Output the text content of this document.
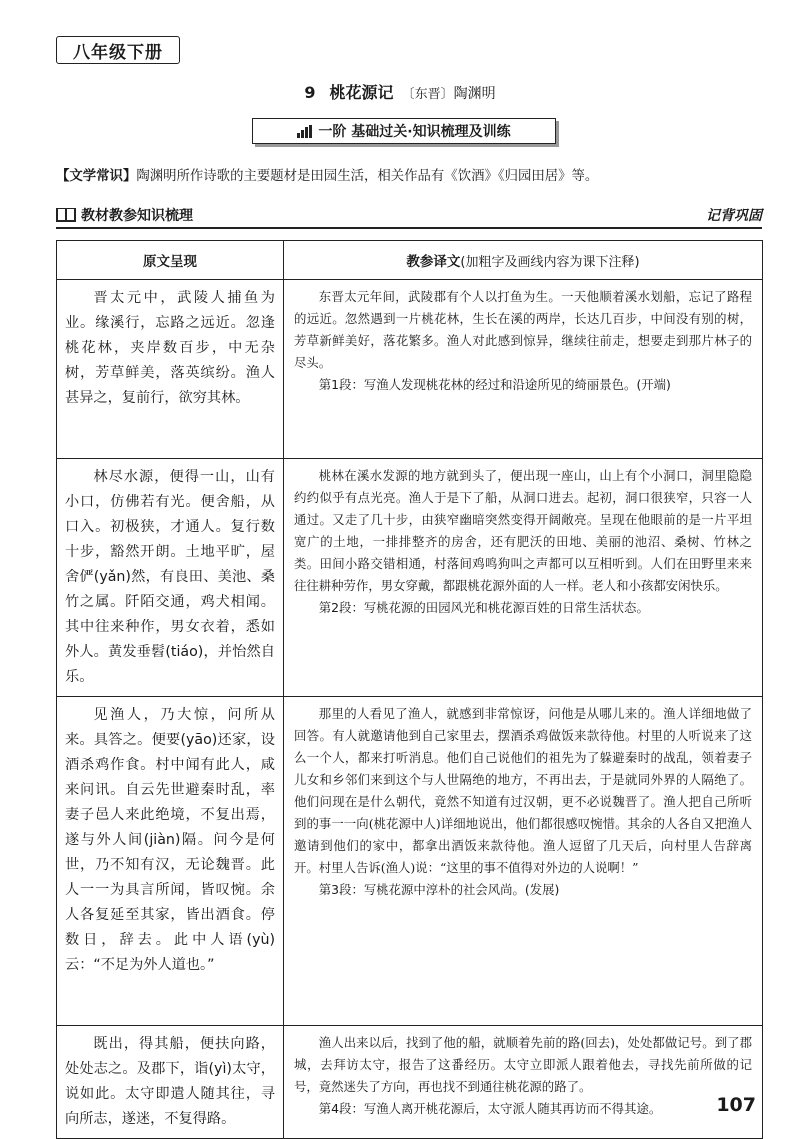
八年级下册
9 桃花源记 〔东晋〕陶渊明
一阶 基础过关·知识梳理及训练
【文学常识】陶渊明所作诗歌的主要题材是田园生活，相关作品有《饮酒》《归园田居》等。
教材教参知识梳理	记背巩固
原文呈现	教参译文(加粗字及画线内容为课下注释)

晋太元中，武陵人捕鱼为业。缘溪行，忘路之远近。忽逢桃花林，夹岸数百步，中无杂树，芳草鲜美，落英缤纷。渔人甚异之，复前行，欲穷其林。	东晋太元年间，武陵郡有个人以打鱼为生。一天他顺着溪水划船，忘记了路程的远近。忽然遇到一片桃花林，生长在溪的两岸，长达几百步，中间没有别的树，芳草新鲜美好，落花繁多。渔人对此感到惊异，继续往前走，想要走到那片林子的尽头。

第1段：写渔人发现桃花林的经过和沿途所见的绮丽景色。(开端)

林尽水源，便得一山，山有小口，仿佛若有光。便舍船，从口入。初极狭，才通人。复行数十步，豁然开朗。土地平旷，屋舍俨(yǎn)然，有良田、美池、桑竹之属。阡陌交通，鸡犬相闻。其中往来种作，男女衣着，悉如外人。黄发垂髫(tiáo)，并怡然自乐。	桃林在溪水发源的地方就到头了，便出现一座山，山上有个小洞口，洞里隐隐约约似乎有点光亮。渔人于是下了船，从洞口进去。起初，洞口很狭窄，只容一人通过。又走了几十步，由狭窄幽暗突然变得开阔敞亮。呈现在他眼前的是一片平坦宽广的土地，一排排整齐的房舍，还有肥沃的田地、美丽的池沼、桑树、竹林之类。田间小路交错相通，村落间鸡鸣狗叫之声都可以互相听到。人们在田野里来来往往耕种劳作，男女穿戴，都跟桃花源外面的人一样。老人和小孩都安闲快乐。

第2段：写桃花源的田园风光和桃花源百姓的日常生活状态。

见渔人，乃大惊，问所从来。具答之。便要(yāo)还家，设酒杀鸡作食。村中闻有此人，咸来问讯。自云先世避秦时乱，率妻子邑人来此绝境，不复出焉，遂与外人间(jiàn)隔。问今是何世，乃不知有汉，无论魏晋。此人一一为具言所闻，皆叹惋。余人各复延至其家，皆出酒食。停数日，辞去。此中人语(yù)云：“不足为外人道也。”	那里的人看见了渔人，就感到非常惊讶，问他是从哪儿来的。渔人详细地做了回答。有人就邀请他到自己家里去，摆酒杀鸡做饭来款待他。村里的人听说来了这么一个人，都来打听消息。他们自己说他们的祖先为了躲避秦时的战乱，领着妻子儿女和乡邻们来到这个与人世隔绝的地方，不再出去，于是就同外界的人隔绝了。他们问现在是什么朝代，竟然不知道有过汉朝，更不必说魏晋了。渔人把自己所听到的事一一向(桃花源中人)详细地说出，他们都很感叹惋惜。其余的人各自又把渔人邀请到他们的家中，都拿出酒饭来款待他。渔人逗留了几天后，向村里人告辞离开。村里人告诉(渔人)说：“这里的事不值得对外边的人说啊！”

第3段：写桃花源中淳朴的社会风尚。(发展)

既出，得其船，便扶向路，处处志之。及郡下，诣(yì)太守，说如此。太守即遣人随其往，寻向所志，遂迷，不复得路。	渔人出来以后，找到了他的船，就顺着先前的路(回去)，处处都做记号。到了郡城，去拜访太守，报告了这番经历。太守立即派人跟着他去，寻找先前所做的记号，竟然迷失了方向，再也找不到通往桃花源的路了。

第4段：写渔人离开桃花源后，太守派人随其再访而不得其途。	107
